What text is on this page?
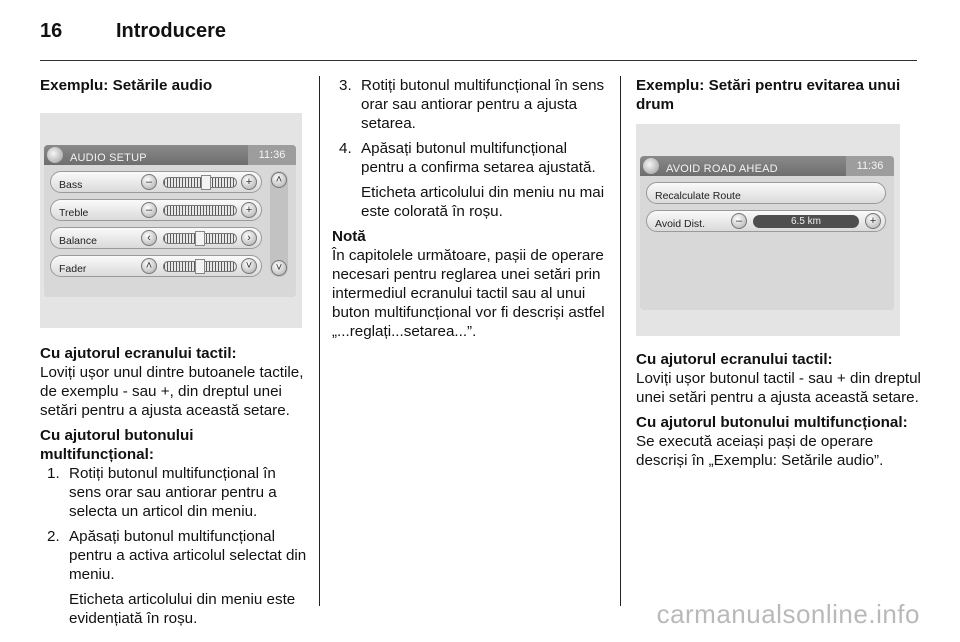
16	Introducere

Exemplu: Setările audio

AUDIO SETUP	11:36
Bass	–	+
Treble	–	+
Balance	‹	›
Fader	˄	˅
˄
˅

Cu ajutorul ecranului tactil:

Loviți ușor unul dintre butoanele tactile, de exemplu - sau +, din dreptul unei setări pentru a ajusta această setare.

Cu ajutorul butonului multifuncțional:

1. Rotiți butonul multifuncțional în sens orar sau antiorar pentru a selecta un articol din meniu.
2. Apăsați butonul multifuncțional pentru a activa articolul selectat din meniu.

Eticheta articolului din meniu este evidențiată în roșu.

3. Rotiți butonul multifuncțional în sens orar sau antiorar pentru a ajusta setarea.
4. Apăsați butonul multifuncțional pentru a confirma setarea ajustată.

Eticheta articolului din meniu nu mai este colorată în roșu.

Notă

În capitolele următoare, pașii de operare necesari pentru reglarea unei setări prin intermediul ecranului tactil sau al unui buton multifuncțional vor fi descriși astfel „...reglați...setarea...”.

Exemplu: Setări pentru evitarea unui drum

AVOID ROAD AHEAD	11:36
Recalculate Route
Avoid Dist.	–	6.5 km	+

Cu ajutorul ecranului tactil:

Loviți ușor butonul tactil - sau + din dreptul unei setări pentru a ajusta această setare.

Cu ajutorul butonului multifuncțional:

Se execută aceiași pași de operare descriși în „Exemplu: Setările audio”.

carmanualsonline.info
